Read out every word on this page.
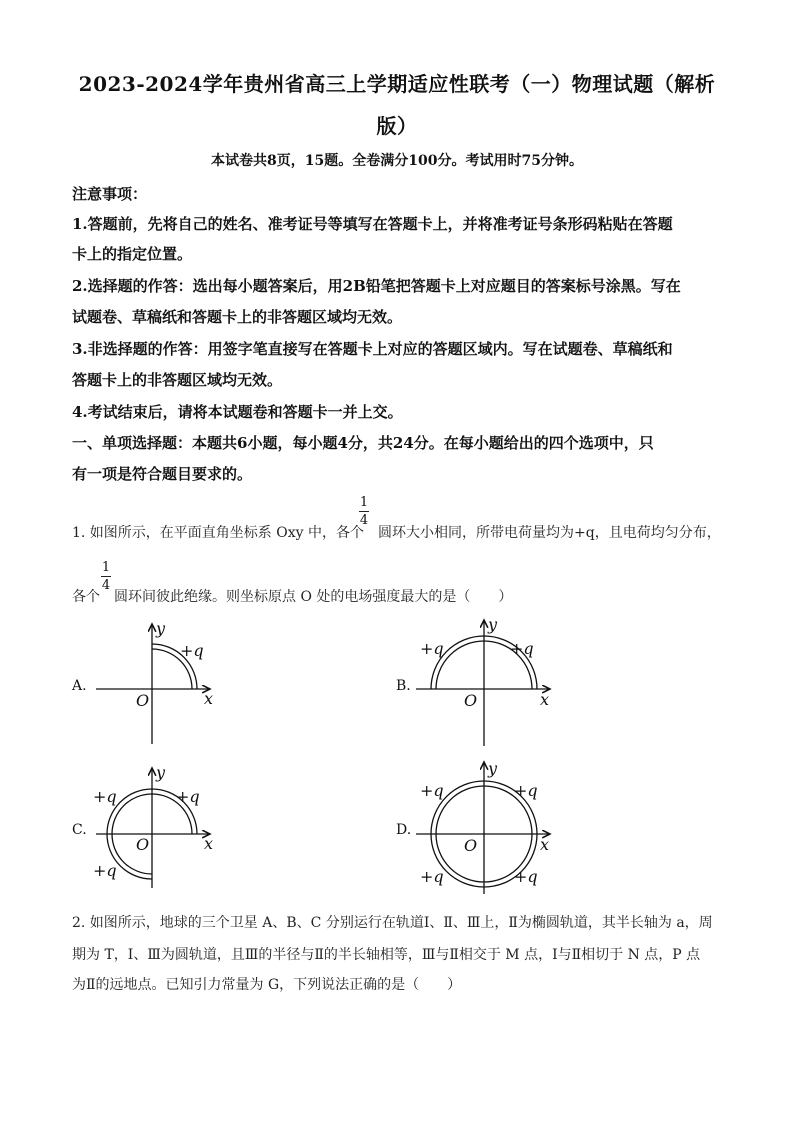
2023-2024学年贵州省高三上学期适应性联考（一）物理试题（解析
版）
本试卷共8页，15题。全卷满分100分。考试用时75分钟。
注意事项：
1.答题前，先将自己的姓名、准考证号等填写在答题卡上，并将准考证号条形码粘贴在答题
卡上的指定位置。
2.选择题的作答：选出每小题答案后，用2B铅笔把答题卡上对应题目的答案标号涂黑。写在
试题卷、草稿纸和答题卡上的非答题区域均无效。
3.非选择题的作答：用签字笔直接写在答题卡上对应的答题区域内。写在试题卷、草稿纸和
答题卡上的非答题区域均无效。
4.考试结束后，请将本试题卷和答题卡一并上交。
一、单项选择题：本题共6小题，每小题4分，共24分。在每小题给出的四个选项中，只
有一项是符合题目要求的。
1. 如图所示，在平面直角坐标系 Oxy 中，各个 圆环大小相同，所带电荷量均为+q，且电荷均匀分布，
1
4
各个 圆环间彼此绝缘。则坐标原点 O 处的电场强度最大的是（　　）
1
4
A.	B.
C.	D.
y
x
O
+q
y
x
O
+q	+q
y
x
O
+q	+q
+q
y
x
O
+q	+q
+q	+q
2. 如图所示，地球的三个卫星 A、B、C 分别运行在轨道Ⅰ、Ⅱ、Ⅲ上，Ⅱ为椭圆轨道，其半长轴为 a，周
期为 T，Ⅰ、Ⅲ为圆轨道，且Ⅲ的半径与Ⅱ的半长轴相等，Ⅲ与Ⅱ相交于 M 点，Ⅰ与Ⅱ相切于 N 点，P 点
为Ⅱ的远地点。已知引力常量为 G，下列说法正确的是（　　）
